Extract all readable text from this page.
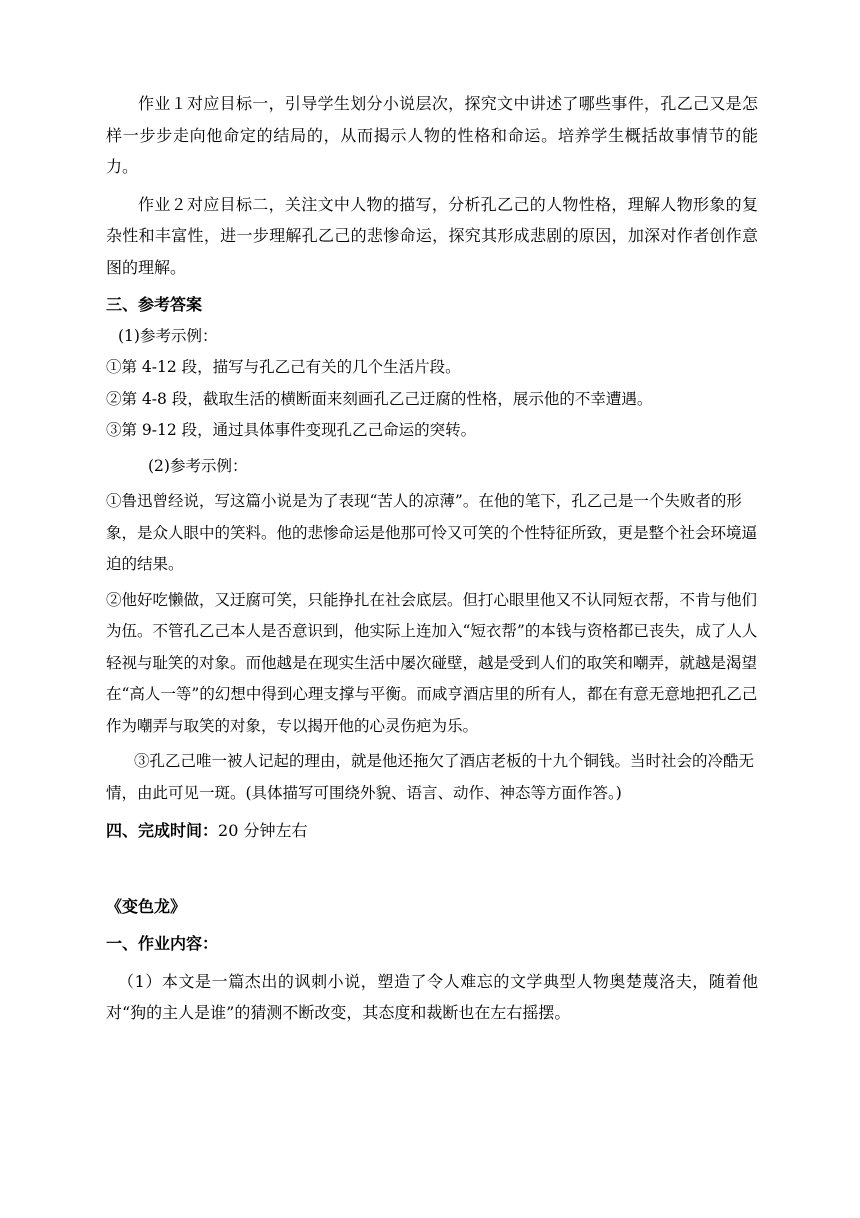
作业１对应目标一，引导学生划分小说层次，探究文中讲述了哪些事件，孔乙己又是怎样一步步走向他命定的结局的，从而揭示人物的性格和命运。培养学生概括故事情节的能力。

作业２对应目标二，关注文中人物的描写，分析孔乙己的人物性格，理解人物形象的复杂性和丰富性，进一步理解孔乙己的悲惨命运，探究其形成悲剧的原因，加深对作者创作意图的理解。

三、参考答案

(1)参考示例：

①第 4-12 段，描写与孔乙己有关的几个生活片段。

②第 4-8 段，截取生活的横断面来刻画孔乙己迂腐的性格，展示他的不幸遭遇。

③第 9-12 段，通过具体事件变现孔乙己命运的突转。

(2)参考示例：

①鲁迅曾经说，写这篇小说是为了表现“苦人的凉薄”。在他的笔下，孔乙己是一个失败者的形象，是众人眼中的笑料。他的悲惨命运是他那可怜又可笑的个性特征所致，更是整个社会环境逼迫的结果。

②他好吃懒做，又迂腐可笑，只能挣扎在社会底层。但打心眼里他又不认同短衣帮，不肯与他们为伍。不管孔乙己本人是否意识到，他实际上连加入“短衣帮”的本钱与资格都已丧失，成了人人轻视与耻笑的对象。而他越是在现实生活中屡次碰壁，越是受到人们的取笑和嘲弄，就越是渴望在“高人一等”的幻想中得到心理支撑与平衡。而咸亨酒店里的所有人，都在有意无意地把孔乙己作为嘲弄与取笑的对象，专以揭开他的心灵伤疤为乐。

③孔乙己唯一被人记起的理由，就是他还拖欠了酒店老板的十九个铜钱。当时社会的冷酷无情，由此可见一斑。(具体描写可围绕外貌、语言、动作、神态等方面作答。)

四、完成时间：20 分钟左右

《变色龙》

一、作业内容：

（1）本文是一篇杰出的讽刺小说，塑造了令人难忘的文学典型人物奥楚蔑洛夫，随着他对“狗的主人是谁”的猜测不断改变，其态度和裁断也在左右摇摆。
